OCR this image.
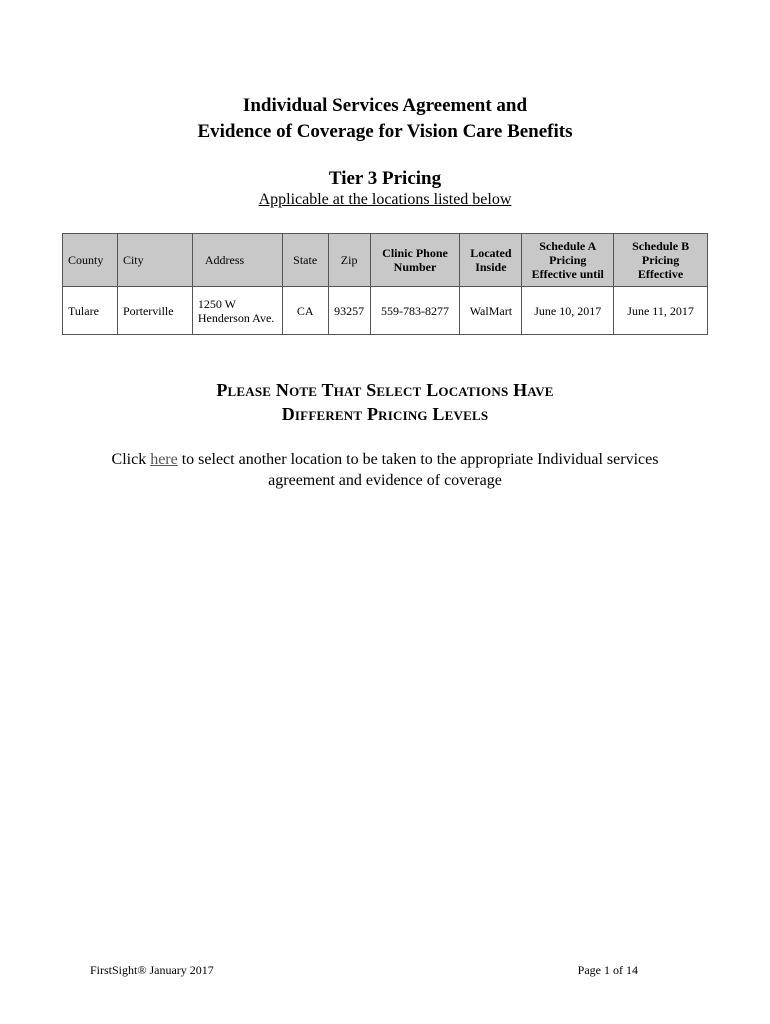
Individual Services Agreement and
Evidence of Coverage for Vision Care Benefits
Tier 3 Pricing
Applicable at the locations listed below
County	City	Address	State	Zip	Clinic Phone Number	Located Inside	Schedule A Pricing Effective until	Schedule B Pricing Effective
Tulare	Porterville	1250 W Henderson Ave.	CA	93257	559-783-8277	WalMart	June 10, 2017	June 11, 2017
Please Note That Select Locations Have
Different Pricing Levels
Click here to select another location to be taken to the appropriate Individual services agreement and evidence of coverage
FirstSight® January 2017	Page 1 of 14
